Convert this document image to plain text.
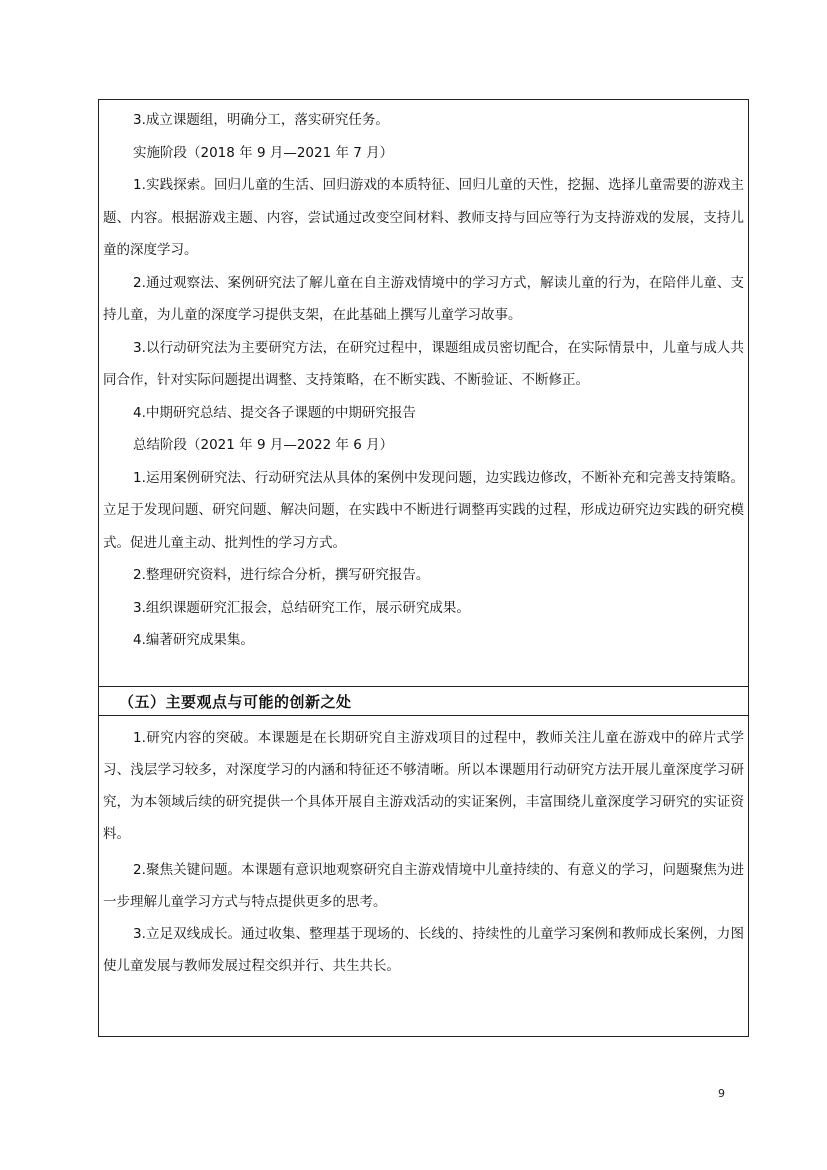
3.成立课题组，明确分工，落实研究任务。

实施阶段（2018 年 9 月—2021 年 7 月）

1.实践探索。回归儿童的生活、回归游戏的本质特征、回归儿童的天性，挖掘、选择儿童需要的游戏主题、内容。根据游戏主题、内容，尝试通过改变空间材料、教师支持与回应等行为支持游戏的发展，支持儿童的深度学习。

2.通过观察法、案例研究法了解儿童在自主游戏情境中的学习方式，解读儿童的行为，在陪伴儿童、支持儿童，为儿童的深度学习提供支架，在此基础上撰写儿童学习故事。

3.以行动研究法为主要研究方法，在研究过程中，课题组成员密切配合，在实际情景中，儿童与成人共同合作，针对实际问题提出调整、支持策略，在不断实践、不断验证、不断修正。

4.中期研究总结、提交各子课题的中期研究报告

总结阶段（2021 年 9 月—2022 年 6 月）

1.运用案例研究法、行动研究法从具体的案例中发现问题，边实践边修改，不断补充和完善支持策略。立足于发现问题、研究问题、解决问题，在实践中不断进行调整再实践的过程，形成边研究边实践的研究模式。促进儿童主动、批判性的学习方式。

2.整理研究资料，进行综合分析，撰写研究报告。

3.组织课题研究汇报会，总结研究工作，展示研究成果。

4.编著研究成果集。

（五）主要观点与可能的创新之处

1.研究内容的突破。本课题是在长期研究自主游戏项目的过程中，教师关注儿童在游戏中的碎片式学习、浅层学习较多，对深度学习的内涵和特征还不够清晰。所以本课题用行动研究方法开展儿童深度学习研究，为本领域后续的研究提供一个具体开展自主游戏活动的实证案例，丰富围绕儿童深度学习研究的实证资料。

2.聚焦关键问题。本课题有意识地观察研究自主游戏情境中儿童持续的、有意义的学习，问题聚焦为进一步理解儿童学习方式与特点提供更多的思考。

3.立足双线成长。通过收集、整理基于现场的、长线的、持续性的儿童学习案例和教师成长案例，力图使儿童发展与教师发展过程交织并行、共生共长。

9
